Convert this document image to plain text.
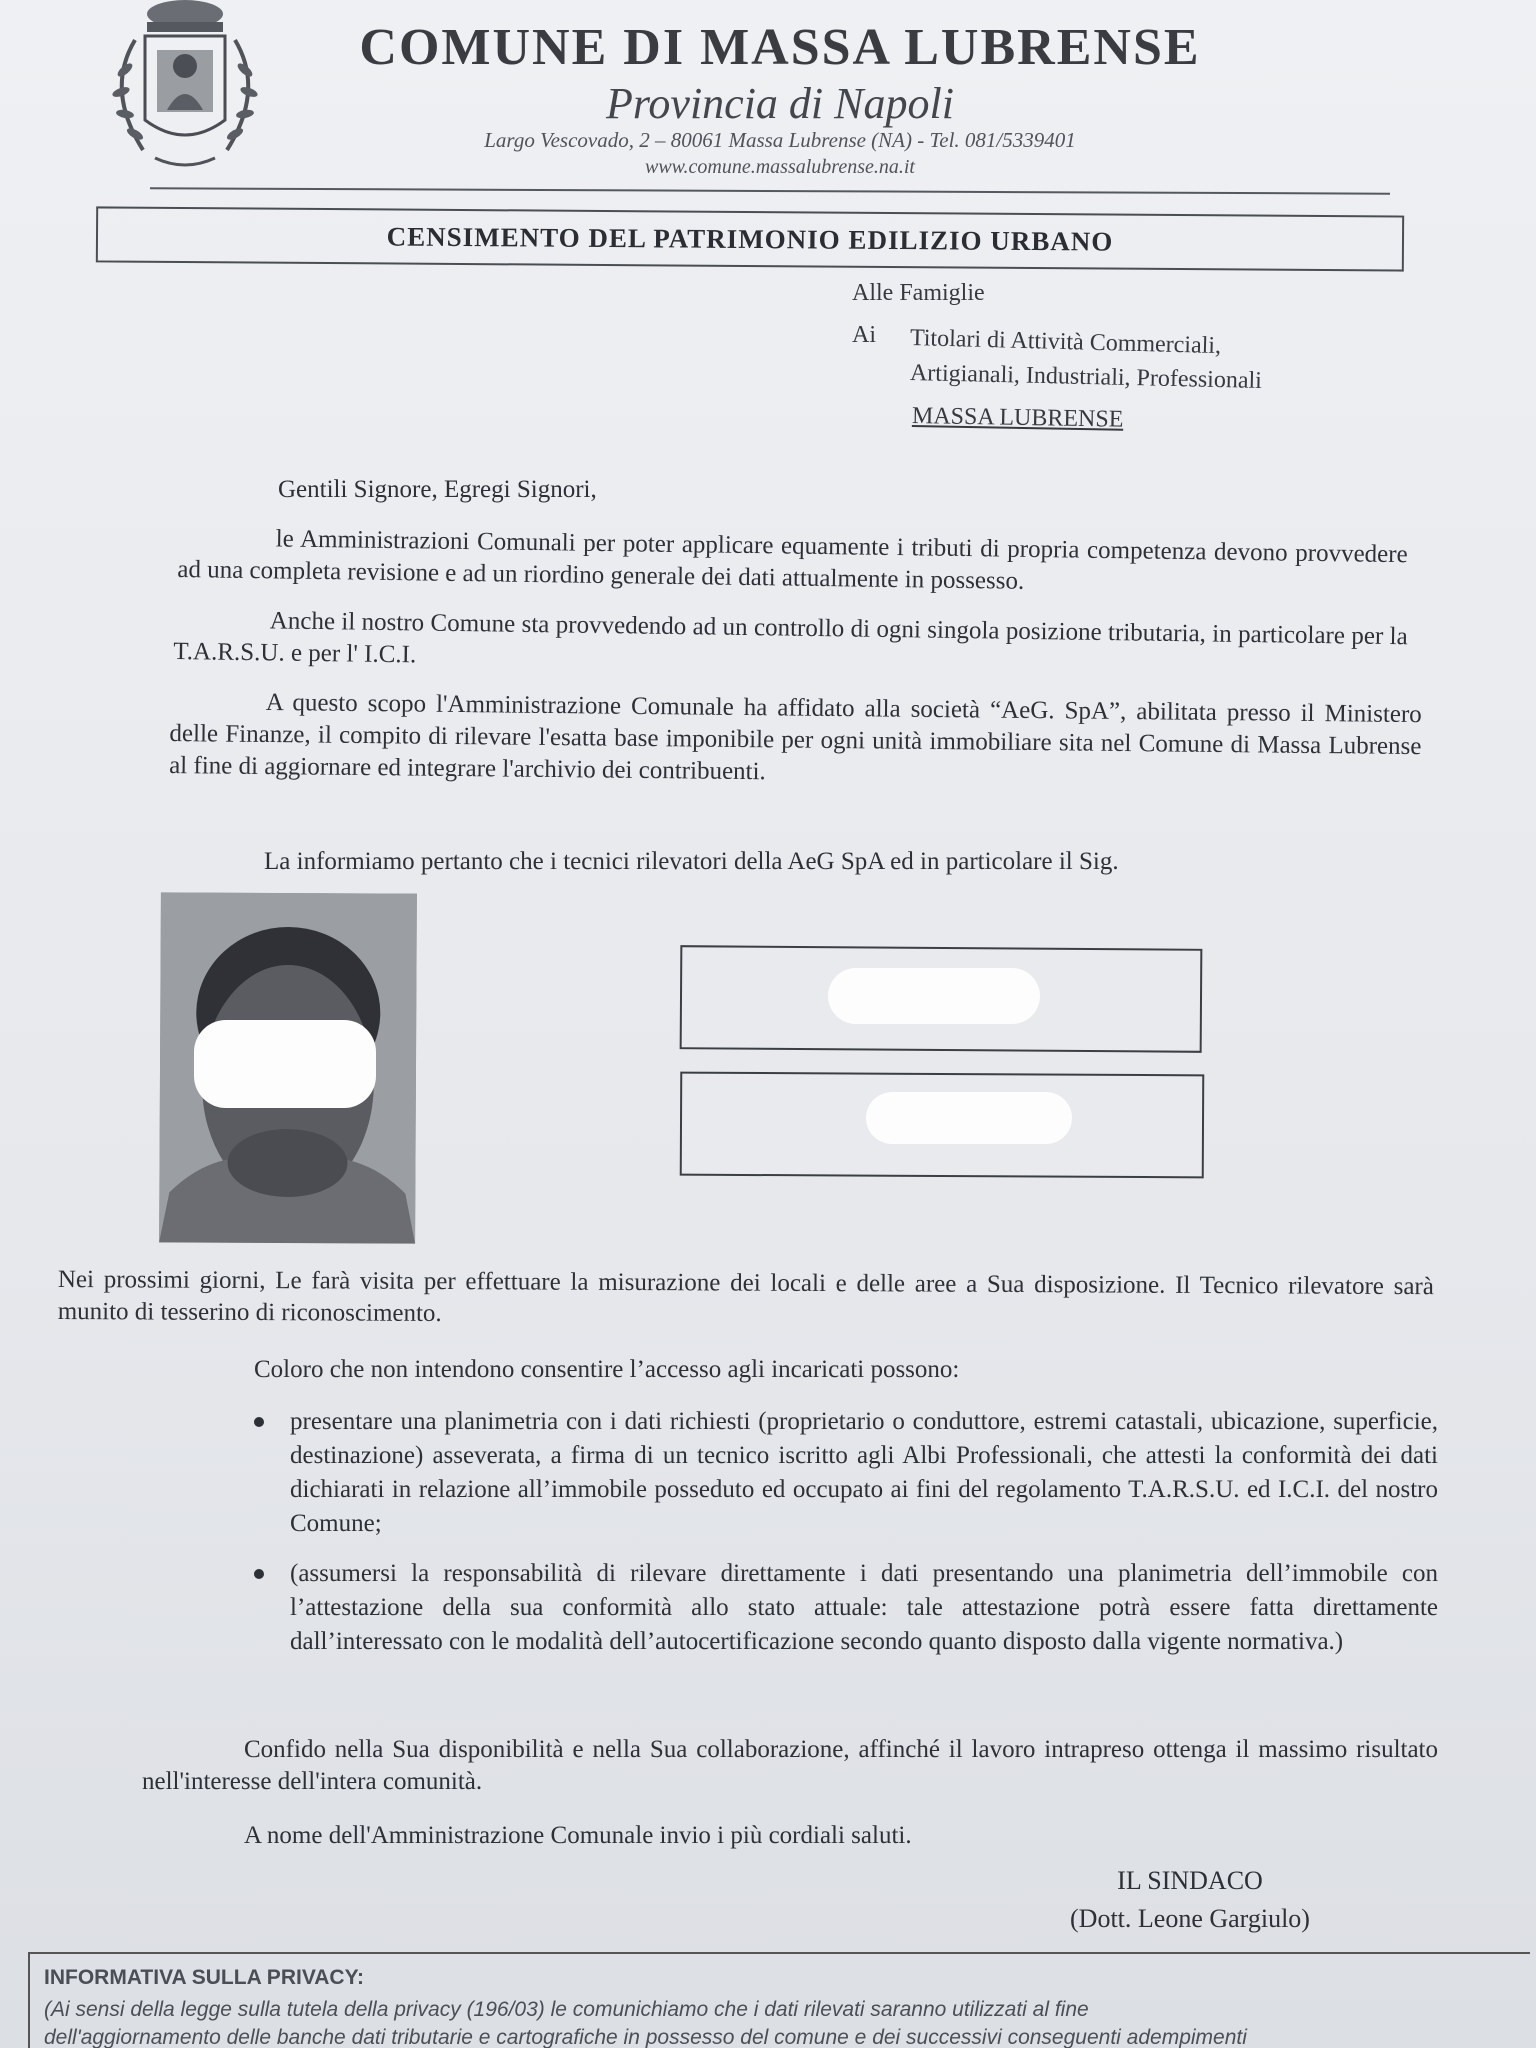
COMUNE DI MASSA LUBRENSE
Provincia di Napoli
Largo Vescovado, 2 – 80061 Massa Lubrense (NA) - Tel. 081/5339401
www.comune.massalubrense.na.it
CENSIMENTO DEL PATRIMONIO EDILIZIO URBANO
Alle Famiglie
Ai Titolari di Attività Commerciali,
Artigianali, Industriali, Professionali
MASSA LUBRENSE
Gentili Signore, Egregi Signori,
le Amministrazioni Comunali per poter applicare equamente i tributi di propria competenza devono provvedere ad una completa revisione e ad un riordino generale dei dati attualmente in possesso.
Anche il nostro Comune sta provvedendo ad un controllo di ogni singola posizione tributaria, in particolare per la T.A.R.S.U. e per l' I.C.I.
A questo scopo l'Amministrazione Comunale ha affidato alla società “AeG. SpA”, abilitata presso il Ministero delle Finanze, il compito di rilevare l'esatta base imponibile per ogni unità immobiliare sita nel Comune di Massa Lubrense al fine di aggiornare ed integrare l'archivio dei contribuenti.
La informiamo pertanto che i tecnici rilevatori della AeG SpA ed in particolare il Sig.
Nei prossimi giorni, Le farà visita per effettuare la misurazione dei locali e delle aree a Sua disposizione. Il Tecnico rilevatore sarà munito di tesserino di riconoscimento.
Coloro che non intendono consentire l’accesso agli incaricati possono:
presentare una planimetria con i dati richiesti (proprietario o conduttore, estremi catastali, ubicazione, superficie, destinazione) asseverata, a firma di un tecnico iscritto agli Albi Professionali, che attesti la conformità dei dati dichiarati in relazione all’immobile posseduto ed occupato ai fini del regolamento T.A.R.S.U. ed I.C.I. del nostro Comune;
(assumersi la responsabilità di rilevare direttamente i dati presentando una planimetria dell’immobile con l’attestazione della sua conformità allo stato attuale: tale attestazione potrà essere fatta direttamente dall’interessato con le modalità dell’autocertificazione secondo quanto disposto dalla vigente normativa.)
Confido nella Sua disponibilità e nella Sua collaborazione, affinché il lavoro intrapreso ottenga il massimo risultato nell'interesse dell'intera comunità.
A nome dell'Amministrazione Comunale invio i più cordiali saluti.
IL SINDACO
(Dott. Leone Gargiulo)
INFORMATIVA SULLA PRIVACY:
(Ai sensi della legge sulla tutela della privacy (196/03) le comunichiamo che i dati rilevati saranno utilizzati al fine
dell'aggiornamento delle banche dati tributarie e cartografiche in possesso del comune e dei successivi conseguenti adempimenti
